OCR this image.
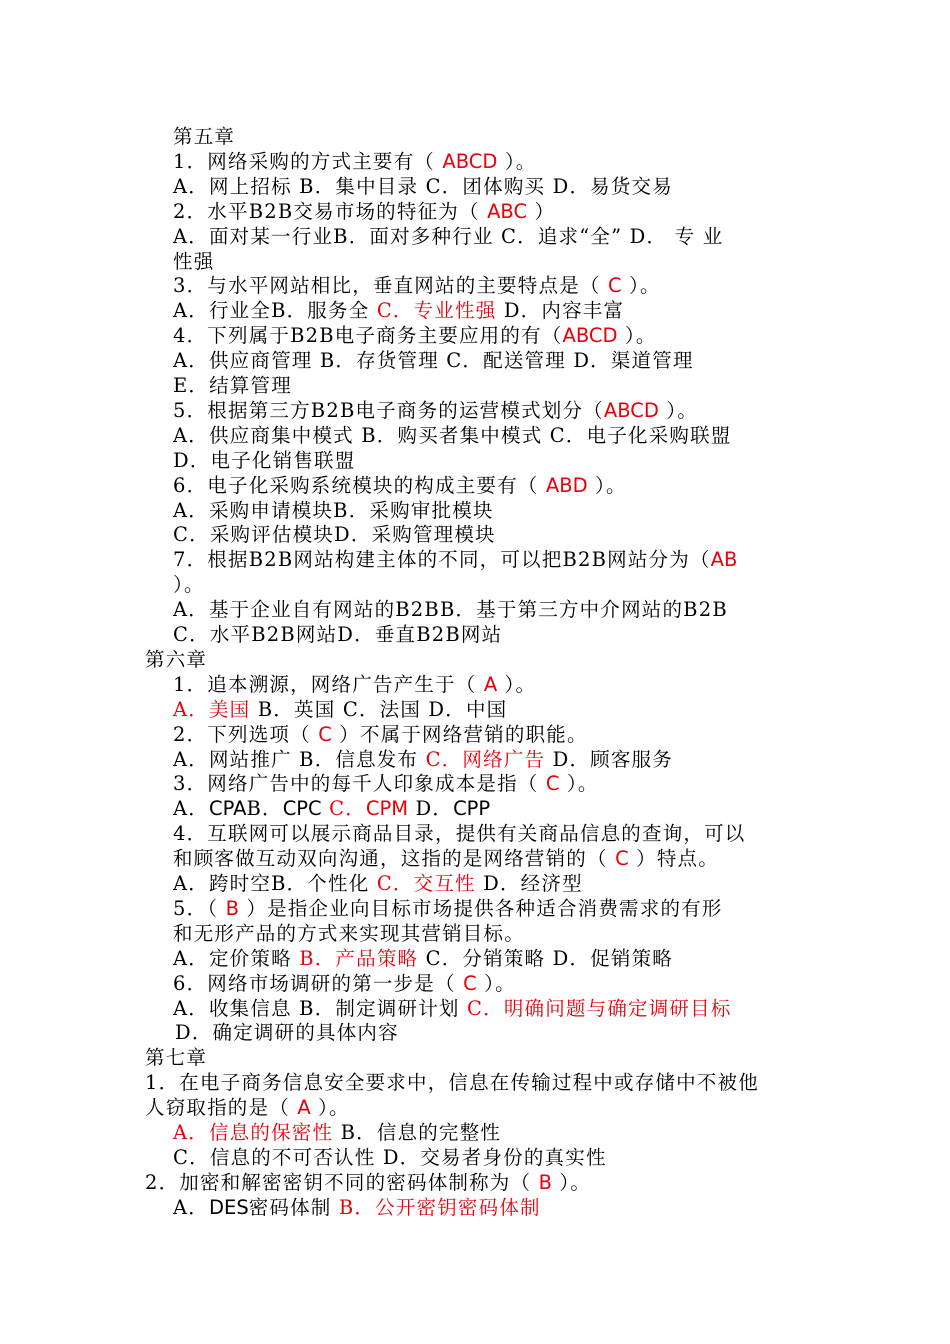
第五章
1．网络采购的方式主要有（ ABCD ）。
A．网上招标 B．集中目录 C．团体购买 D．易货交易
2．水平B2B交易市场的特征为（ ABC ）
A．面对某一行业B．面对多种行业 C．追求“全” D． 专 业
性强
3．与水平网站相比，垂直网站的主要特点是（ C ）。
A．行业全B．服务全 C．专业性强 D．内容丰富
4．下列属于B2B电子商务主要应用的有（ABCD ）。
A．供应商管理 B．存货管理 C．配送管理 D．渠道管理
E．结算管理
5．根据第三方B2B电子商务的运营模式划分（ABCD ）。
A．供应商集中模式 B．购买者集中模式 C．电子化采购联盟
D．电子化销售联盟
6．电子化采购系统模块的构成主要有（ ABD ）。
A．采购申请模块B．采购审批模块
C．采购评估模块D．采购管理模块
7．根据B2B网站构建主体的不同，可以把B2B网站分为（AB
）。
A．基于企业自有网站的B2BB．基于第三方中介网站的B2B
C．水平B2B网站D．垂直B2B网站
第六章
1．追本溯源，网络广告产生于（ A ）。
A．美国 B．英国 C．法国 D．中国
2．下列选项（ C ）不属于网络营销的职能。
A．网站推广 B．信息发布 C．网络广告 D．顾客服务
3．网络广告中的每千人印象成本是指（ C ）。
A．CPAB．CPC C．CPM D．CPP
4．互联网可以展示商品目录，提供有关商品信息的查询，可以
和顾客做互动双向沟通，这指的是网络营销的（ C ）特点。
A．跨时空B．个性化 C．交互性 D．经济型
5．（ B ）是指企业向目标市场提供各种适合消费需求的有形
和无形产品的方式来实现其营销目标。
A．定价策略 B．产品策略 C．分销策略 D．促销策略
6．网络市场调研的第一步是（ C ）。
A．收集信息 B．制定调研计划 C．明确问题与确定调研目标
D．确定调研的具体内容
第七章
1．在电子商务信息安全要求中，信息在传输过程中或存储中不被他
人窃取指的是（ A ）。
A．信息的保密性 B．信息的完整性
C．信息的不可否认性 D．交易者身份的真实性
2．加密和解密密钥不同的密码体制称为（ B ）。
A．DES密码体制 B．公开密钥密码体制
